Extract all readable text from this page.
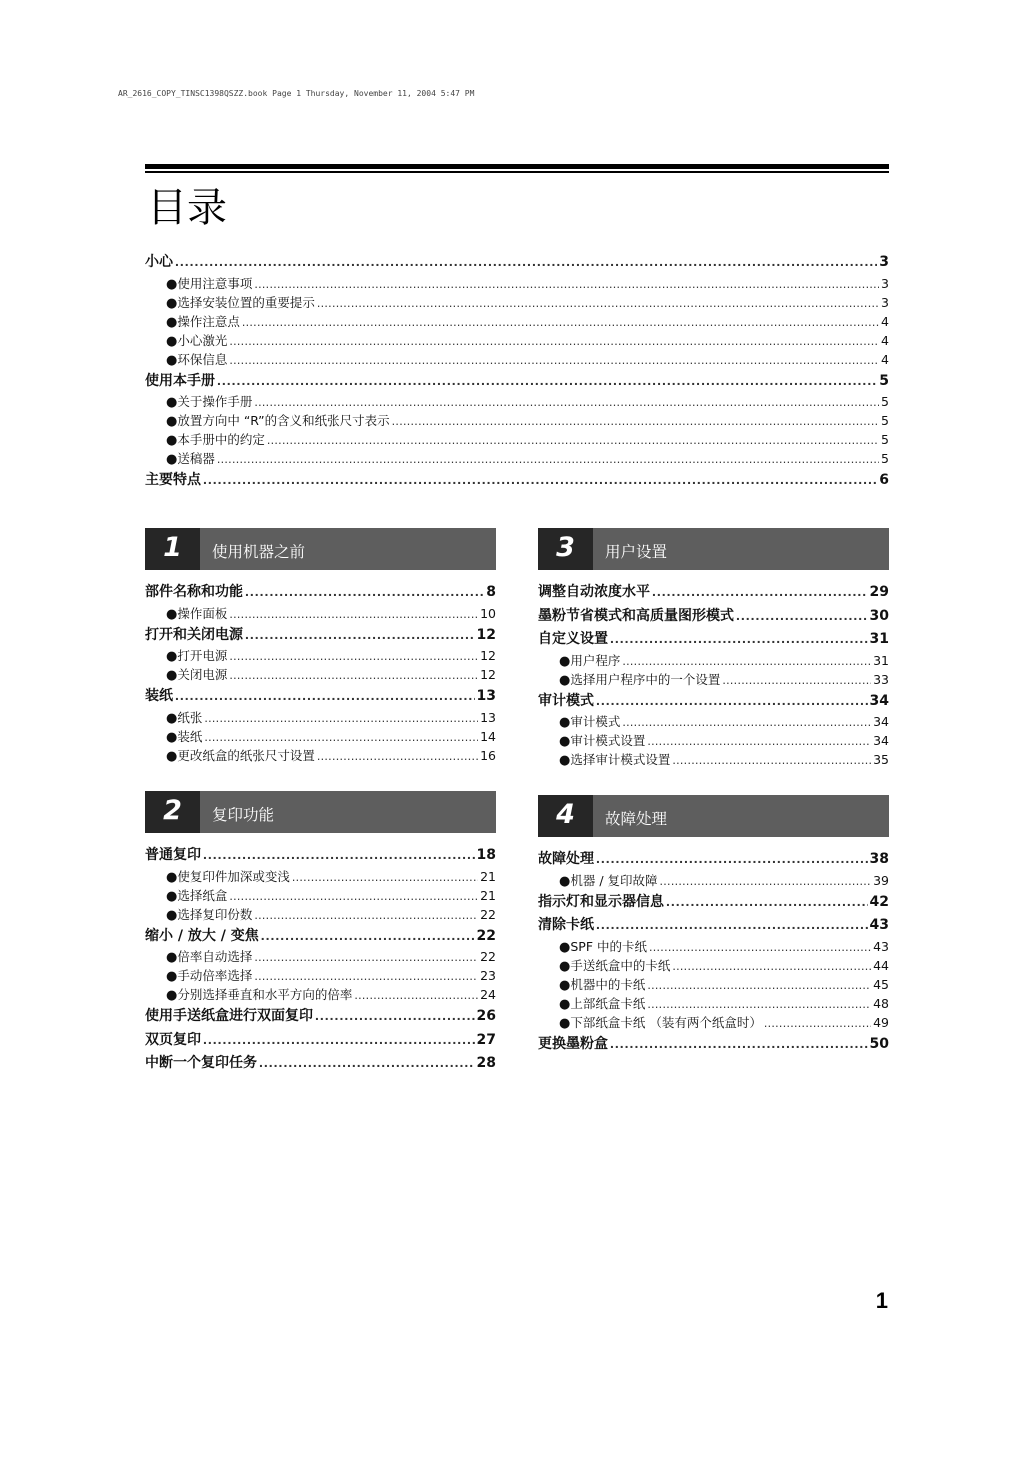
AR_2616_COPY_TINSC1398QSZZ.book Page 1 Thursday, November 11, 2004 5:47 PM
目录
小心 .....	3
● 使用注意事项 .....	3
● 选择安装位置的重要提示 .....	3
● 操作注意点 .....	4
● 小心激光 .....	4
● 环保信息 .....	4
使用本手册 .....	5
● 关于操作手册 .....	5
● 放置方向中 “R”的含义和纸张尺寸表示 .....	5
● 本手册中的约定 .....	5
● 送稿器 .....	5
主要特点 .....	6
1	使用机器之前
部件名称和功能 .....	8
● 操作面板 .....	10
打开和关闭电源 .....	12
● 打开电源 .....	12
● 关闭电源 .....	12
装纸 .....	13
● 纸张 .....	13
● 装纸 .....	14
● 更改纸盒的纸张尺寸设置 .....	16
2	复印功能
普通复印 .....	18
● 使复印件加深或变浅 .....	21
● 选择纸盒 .....	21
● 选择复印份数 .....	22
缩小 / 放大 / 变焦 .....	22
● 倍率自动选择 .....	22
● 手动倍率选择 .....	23
● 分别选择垂直和水平方向的倍率 .....	24
使用手送纸盒进行双面复印 .....	26
双页复印 .....	27
中断一个复印任务 .....	28
3	用户设置
调整自动浓度水平 .....	29
墨粉节省模式和高质量图形模式 .....	30
自定义设置 .....	31
● 用户程序 .....	31
● 选择用户程序中的一个设置 .....	33
审计模式 .....	34
● 审计模式 .....	34
● 审计模式设置 .....	34
● 选择审计模式设置 .....	35
4	故障处理
故障处理 .....	38
● 机器 / 复印故障 .....	39
指示灯和显示器信息 .....	42
清除卡纸 .....	43
● SPF 中的卡纸 .....	43
● 手送纸盒中的卡纸 .....	44
● 机器中的卡纸 .....	45
● 上部纸盒卡纸 .....	48
● 下部纸盒卡纸 （装有两个纸盒时） .....	49
更换墨粉盒 .....	50
1
